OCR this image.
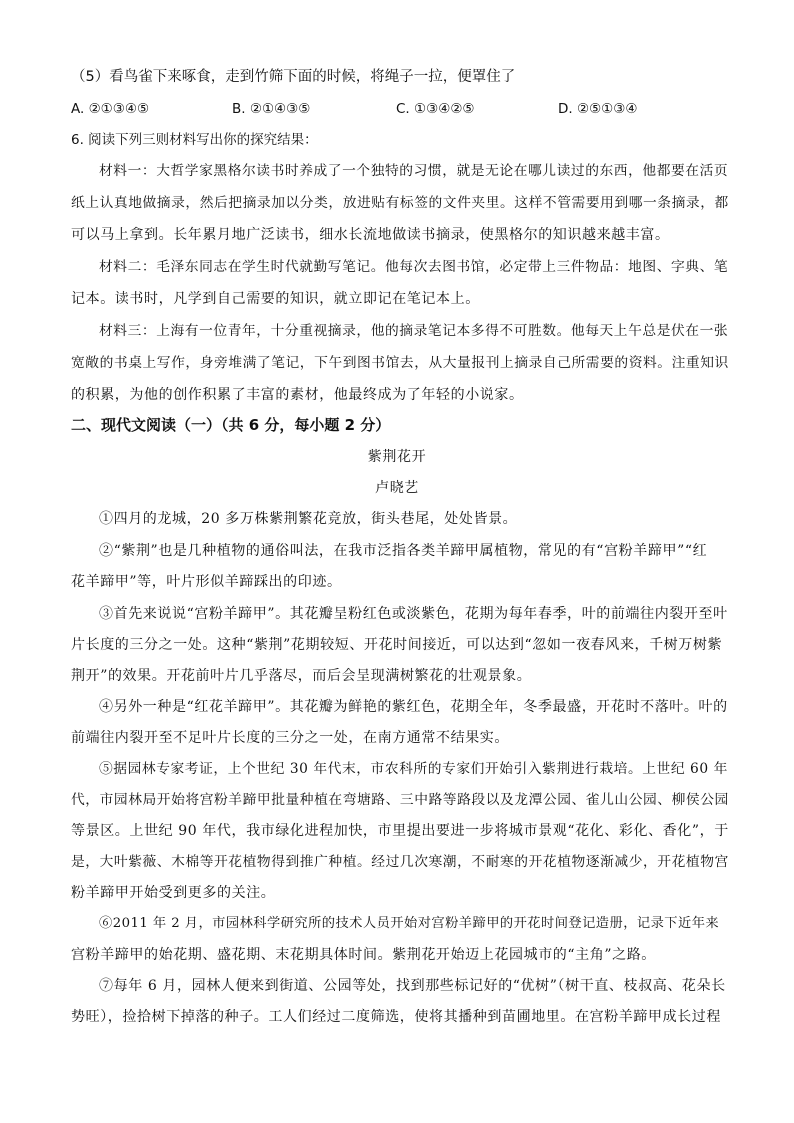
（5）看鸟雀下来啄食，走到竹筛下面的时候，将绳子一拉，便罩住了
A. ②①③④⑤	B. ②①④③⑤	C. ①③④②⑤	D. ②⑤①③④
6. 阅读下列三则材料写出你的探究结果：
材料一：大哲学家黑格尔读书时养成了一个独特的习惯，就是无论在哪儿读过的东西，他都要在活页
纸上认真地做摘录，然后把摘录加以分类，放进贴有标签的文件夹里。这样不管需要用到哪一条摘录，都
可以马上拿到。长年累月地广泛读书，细水长流地做读书摘录，使黑格尔的知识越来越丰富。
材料二：毛泽东同志在学生时代就勤写笔记。他每次去图书馆，必定带上三件物品：地图、字典、笔
记本。读书时，凡学到自己需要的知识，就立即记在笔记本上。
材料三：上海有一位青年，十分重视摘录，他的摘录笔记本多得不可胜数。他每天上午总是伏在一张
宽敞的书桌上写作，身旁堆满了笔记，下午到图书馆去，从大量报刊上摘录自己所需要的资料。注重知识
的积累，为他的创作积累了丰富的素材，他最终成为了年轻的小说家。
二、现代文阅读（一）（共 6 分，每小题 2 分）
紫荆花开
卢晓艺
①四月的龙城，20 多万株紫荆繁花竞放，街头巷尾，处处皆景。
②“紫荆”也是几种植物的通俗叫法，在我市泛指各类羊蹄甲属植物，常见的有“宫粉羊蹄甲”“红
花羊蹄甲”等，叶片形似羊蹄踩出的印迹。
③首先来说说“宫粉羊蹄甲”。其花瓣呈粉红色或淡紫色，花期为每年春季，叶的前端往内裂开至叶
片长度的三分之一处。这种“紫荆”花期较短、开花时间接近，可以达到“忽如一夜春风来，千树万树紫
荆开”的效果。开花前叶片几乎落尽，而后会呈现满树繁花的壮观景象。
④另外一种是“红花羊蹄甲”。其花瓣为鲜艳的紫红色，花期全年，冬季最盛，开花时不落叶。叶的
前端往内裂开至不足叶片长度的三分之一处，在南方通常不结果实。
⑤据园林专家考证，上个世纪 30 年代末，市农科所的专家们开始引入紫荆进行栽培。上世纪 60 年
代，市园林局开始将宫粉羊蹄甲批量种植在弯塘路、三中路等路段以及龙潭公园、雀儿山公园、柳侯公园
等景区。上世纪 90 年代，我市绿化进程加快，市里提出要进一步将城市景观“花化、彩化、香化”，于
是，大叶紫薇、木棉等开花植物得到推广种植。经过几次寒潮，不耐寒的开花植物逐渐减少，开花植物宫
粉羊蹄甲开始受到更多的关注。
⑥2011 年 2 月，市园林科学研究所的技术人员开始对宫粉羊蹄甲的开花时间登记造册，记录下近年来
宫粉羊蹄甲的始花期、盛花期、末花期具体时间。紫荆花开始迈上花园城市的“主角”之路。
⑦每年 6 月，园林人便来到街道、公园等处，找到那些标记好的“优树”（树干直、枝叔高、花朵长
势旺），捡拾树下掉落的种子。工人们经过二度筛选，使将其播种到苗圃地里。在宫粉羊蹄甲成长过程
